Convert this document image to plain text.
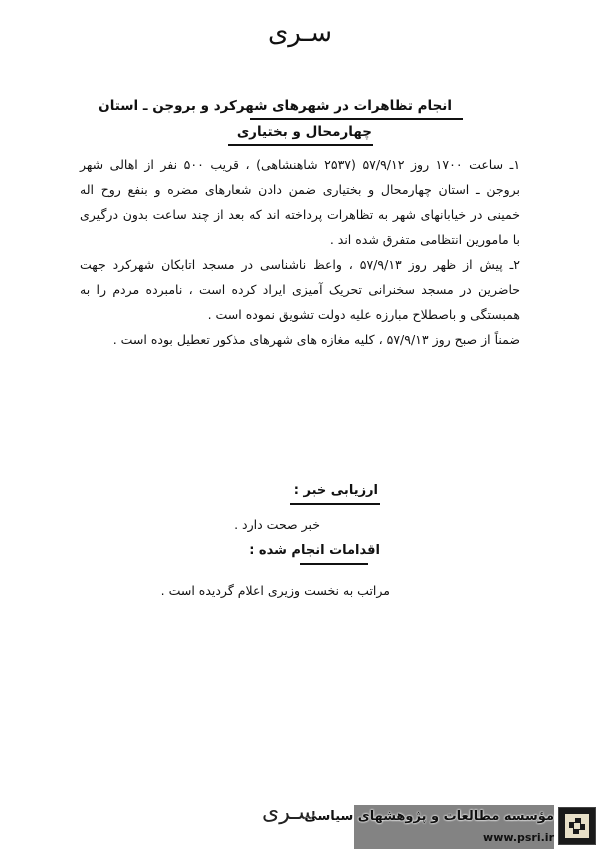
سـری
انجام تظاهرات در شهرهای شهرکرد و بروجن ـ استان
چهارمحال و بختیاری

۱ـ ساعت ۱۷۰۰ روز ۵۷/۹/۱۲ (۲۵۳۷ شاهنشاهی) ، قریب ۵۰۰ نفر از اهالی شهر بروجن ـ استان چهارمحال و بختیاری ضمن دادن شعارهای مضره و بنفع روح اله خمینی در خیابانهای شهر به تظاهرات پرداخته اند که بعد از چند ساعت بدون درگیری با مامورین انتظامی متفرق شده اند .

۲ـ پیش از ظهر روز ۵۷/۹/۱۳ ، واعظ ناشناسی در مسجد اتابکان شهرکرد جهت حاضرین در مسجد سخنرانی تحریک آمیزی ایراد کرده است ، نامبرده مردم را به همبستگی و باصطلاح مبارزه علیه دولت تشویق نموده است .

ضمناً از صبح روز ۵۷/۹/۱۳ ، کلیه مغازه های شهرهای مذکور تعطیل بوده است .

ارزیابی خبر :
خبر صحت دارد .
اقدامات انجام شده :
مراتب به نخست وزیری اعلام گردیده است .
سـری
مؤسسه مطالعات و پژوهشهای سیاسی
www.psri.ir
